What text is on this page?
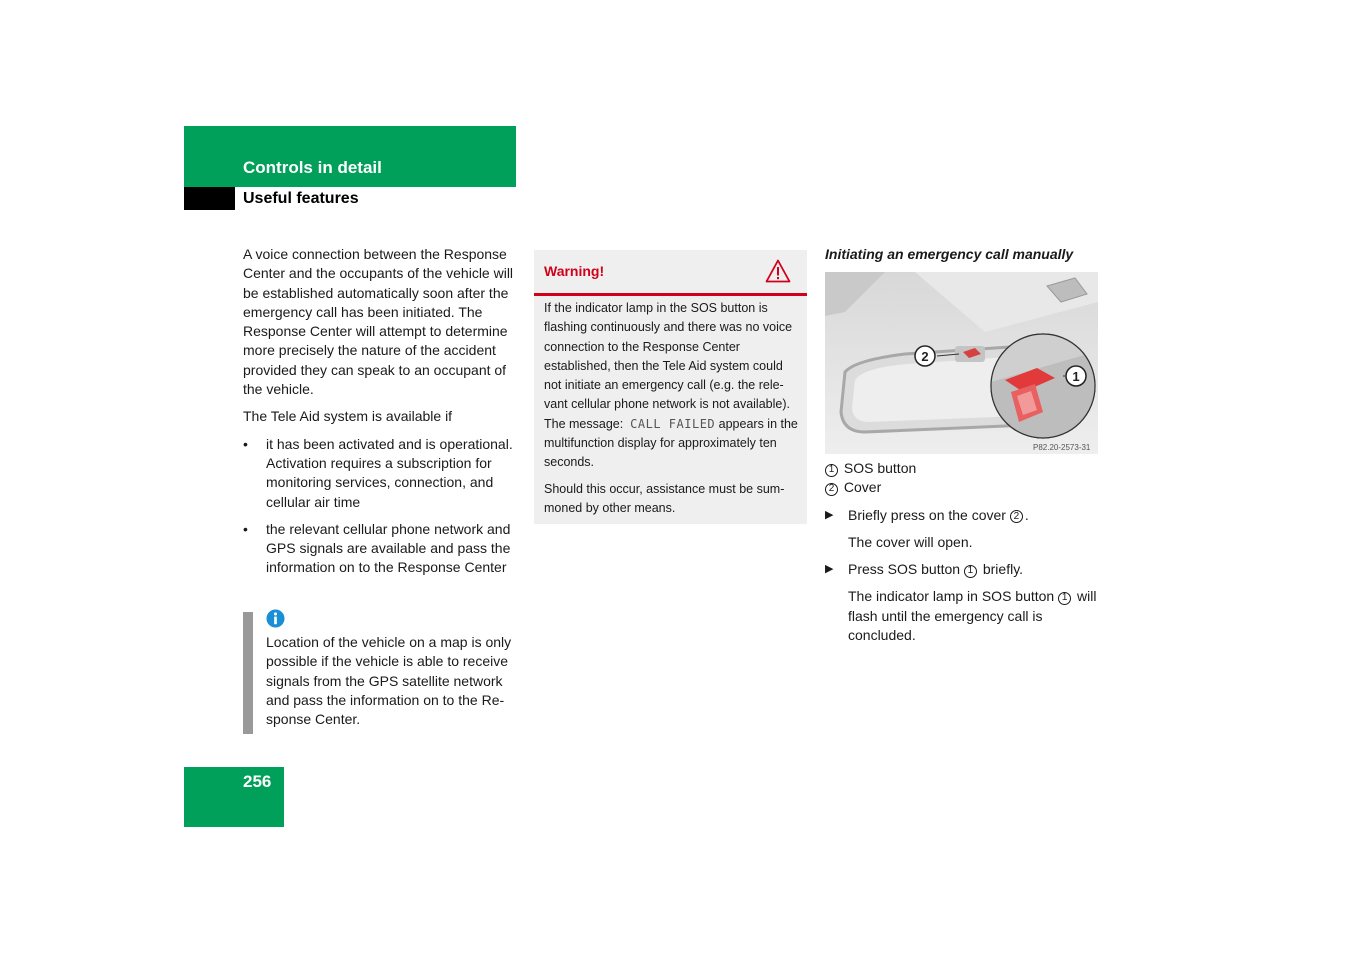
Controls in detail
Useful features

A voice connection between the Response Center and the occupants of the vehicle will be established automatically soon after the emergency call has been initiated. The Response Center will attempt to determine more precisely the nature of the accident provided they can speak to an occupant of the vehicle.

The Tele Aid system is available if

• it has been activated and is operational. Activation requires a subscription for monitoring services, connection, and cellular air time
• the relevant cellular phone network and GPS signals are available and pass the information on to the Response Center
Location of the vehicle on a map is only possible if the vehicle is able to receive signals from the GPS satellite network and pass the information on to the Response Center.
Warning!

If the indicator lamp in the SOS button is flashing continuously and there was no voice connection to the Response Center established, then the Tele Aid system could not initiate an emergency call (e.g. the relevant cellular phone network is not available). The message: CALL FAILED appears in the multifunction display for approximately ten seconds.

Should this occur, assistance must be summoned by other means.

Initiating an emergency call manually
2
1
P82.20-2573-31
1 SOS button
2 Cover
▶ Briefly press on the cover 2 .
The cover will open.
▶ Press SOS button 1 briefly.
The indicator lamp in SOS button 1 will flash until the emergency call is concluded.
256
